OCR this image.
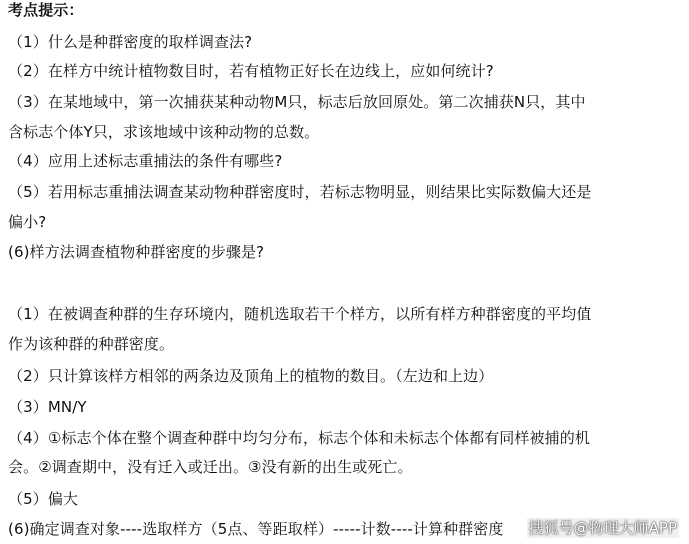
考点提示：
（1）什么是种群密度的取样调查法?
（2）在样方中统计植物数目时，若有植物正好长在边线上，应如何统计?
（3）在某地域中，第一次捕获某种动物M只，标志后放回原处。第二次捕获N只，其中
含标志个体Y只，求该地域中该种动物的总数。
（4）应用上述标志重捕法的条件有哪些?
（5）若用标志重捕法调查某动物种群密度时，若标志物明显，则结果比实际数偏大还是
偏小?
(6)样方法调查植物种群密度的步骤是?
（1）在被调查种群的生存环境内，随机选取若干个样方，以所有样方种群密度的平均值
作为该种群的种群密度。
（2）只计算该样方相邻的两条边及顶角上的植物的数目。（左边和上边）
（3）MN/Y
（4）①标志个体在整个调查种群中均匀分布，标志个体和未标志个体都有同样被捕的机
会。②调查期中，没有迁入或迁出。③没有新的出生或死亡。
（5）偏大
(6)确定调查对象----选取样方（5点、等距取样）-----计数----计算种群密度	搜狐号@物理大师APP
